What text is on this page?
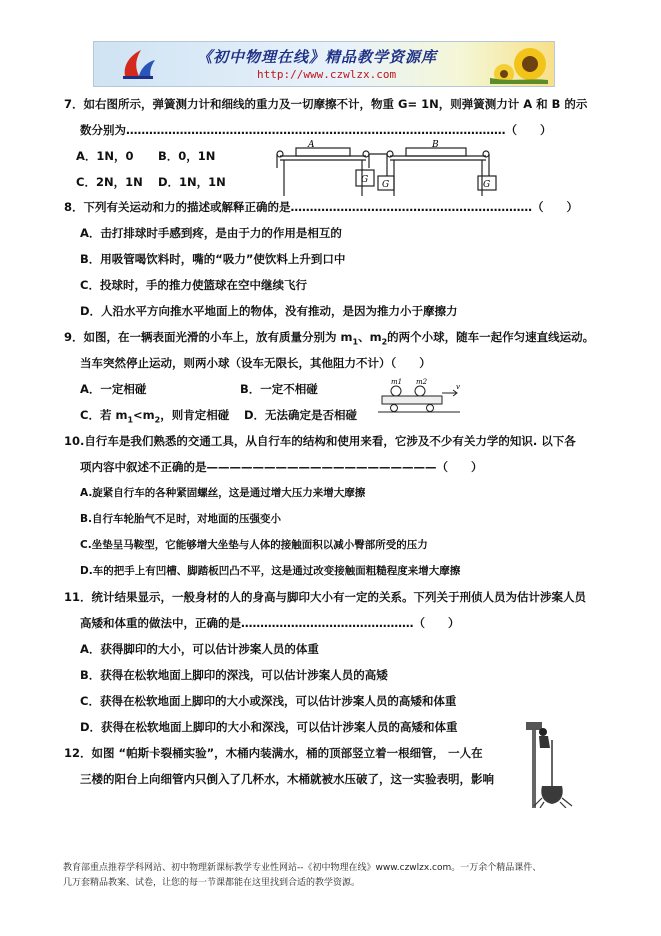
《初中物理在线》精品教学资源库
http://www.czwlzx.com
7．如右图所示，弹簧测力计和细线的重力及一切摩擦不计，物重 G= 1N，则弹簧测力计 A 和 B 的示
数分别为………………………………………………………………………………………（　　）
A．1N，0 B．0，1N
C．2N，1N D．1N，1N
A	B
G G	G
8．下列有关运动和力的描述或解释正确的是………………………………………………………（　　）
A．击打排球时手感到疼，是由于力的作用是相互的
B．用吸管喝饮料时，嘴的“吸力”使饮料上升到口中
C．投球时，手的推力使篮球在空中继续飞行
D．人沿水平方向推水平地面上的物体，没有推动，是因为推力小于摩擦力
9．如图，在一辆表面光滑的小车上，放有质量分别为 $m_1$、$m_2$的两个小球，随车一起作匀速直线运动。
当车突然停止运动，则两小球（设车无限长，其他阻力不计）（　　）
A．一定相碰	B．一定不相碰
C．若 $m_1<m_2$，则肯定相碰 D．无法确定是否相碰
m1 m2
v
10.自行车是我们熟悉的交通工具，从自行车的结构和使用来看，它涉及不少有关力学的知识. 以下各
项内容中叙述不正确的是————————————————————（　　）
A.旋紧自行车的各种紧固螺丝，这是通过增大压力来增大摩擦
B.自行车轮胎气不足时，对地面的压强变小
C.坐垫呈马鞍型，它能够增大坐垫与人体的接触面积以减小臀部所受的压力
D.车的把手上有凹槽、脚踏板凹凸不平，这是通过改变接触面粗糙程度来增大摩擦
11．统计结果显示，一般身材的人的身高与脚印大小有一定的关系。下列关于刑侦人员为估计涉案人员
高矮和体重的做法中，正确的是………………………………………（　　）
A．获得脚印的大小，可以估计涉案人员的体重
B．获得在松软地面上脚印的深浅，可以估计涉案人员的高矮
C．获得在松软地面上脚印的大小或深浅，可以估计涉案人员的高矮和体重
D．获得在松软地面上脚印的大小和深浅，可以估计涉案人员的高矮和体重
12．如图 “帕斯卡裂桶实验”，木桶内装满水，桶的顶部竖立着一根细管， 一人在
三楼的阳台上向细管内只倒入了几杯水，木桶就被水压破了，这一实验表明，影响
教育部重点推荐学科网站、初中物理新课标教学专业性网站--《初中物理在线》www.czwlzx.com。一万余个精品课件、
几万套精品教案、试卷，让您的每一节课都能在这里找到合适的教学资源。
